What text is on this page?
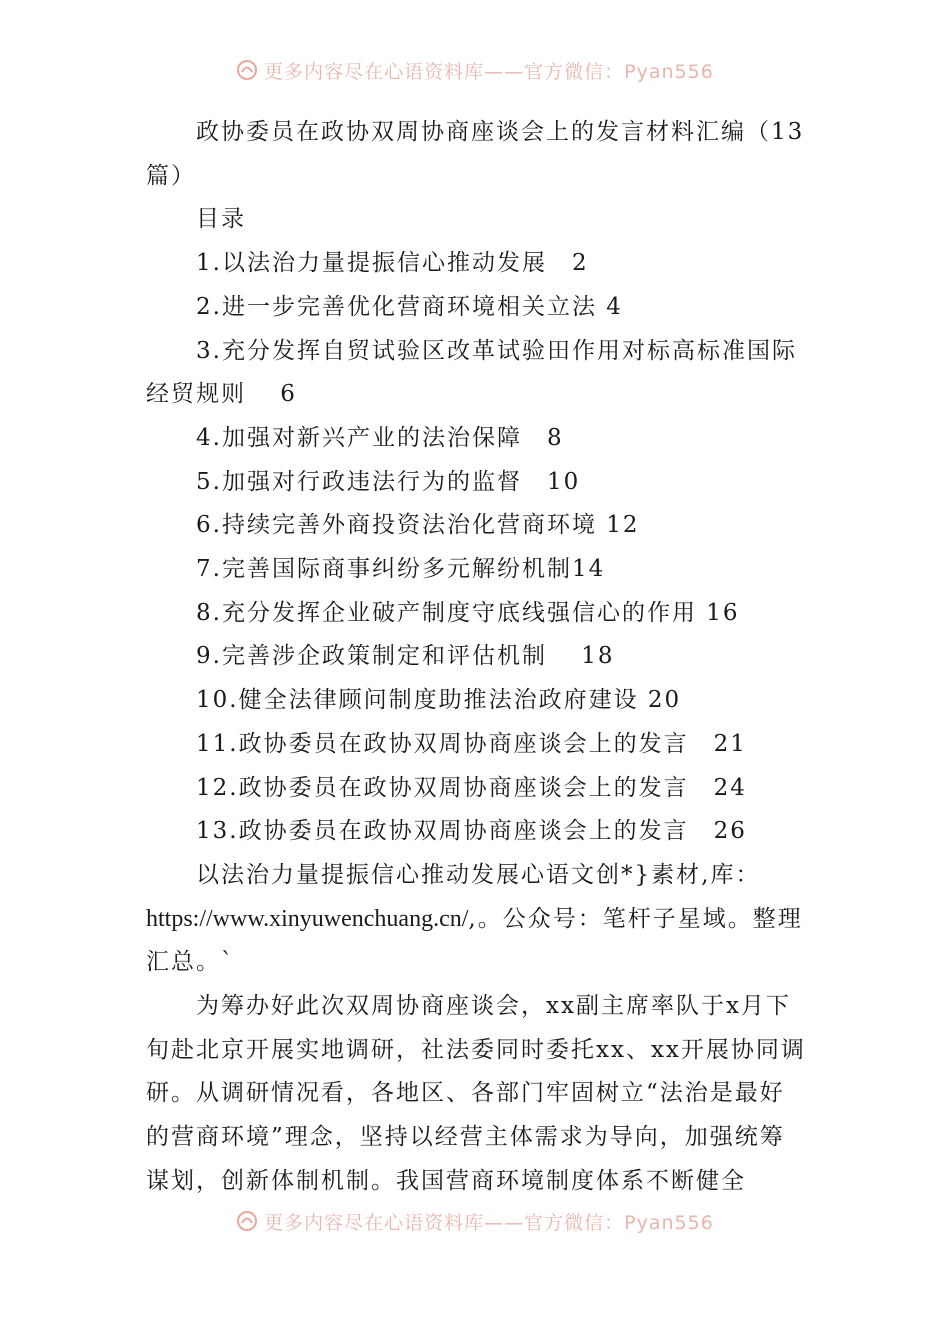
更多内容尽在心语资料库——官方微信：Pyan556

政协委员在政协双周协商座谈会上的发言材料汇编（13篇）

目录

1.以法治力量提振信心推动发展　2

2.进一步完善优化营商环境相关立法 4

3.充分发挥自贸试验区改革试验田作用对标高标准国际经贸规则　 6

4.加强对新兴产业的法治保障　8

5.加强对行政违法行为的监督　10

6.持续完善外商投资法治化营商环境 12

7.完善国际商事纠纷多元解纷机制14

8.充分发挥企业破产制度守底线强信心的作用 16

9.完善涉企政策制定和评估机制　 18

10.健全法律顾问制度助推法治政府建设 20

11.政协委员在政协双周协商座谈会上的发言　21

12.政协委员在政协双周协商座谈会上的发言　24

13.政协委员在政协双周协商座谈会上的发言　26

以法治力量提振信心推动发展心语文创*}素材,库：https://www.xinyuwenchuang.cn/,。公众号：笔杆子星域。整理汇总。`

为筹办好此次双周协商座谈会，xx副主席率队于x月下旬赴北京开展实地调研，社法委同时委托xx、xx开展协同调研。从调研情况看，各地区、各部门牢固树立“法治是最好的营商环境”理念，坚持以经营主体需求为导向，加强统筹谋划，创新体制机制。我国营商环境制度体系不断健全

更多内容尽在心语资料库——官方微信：Pyan556
